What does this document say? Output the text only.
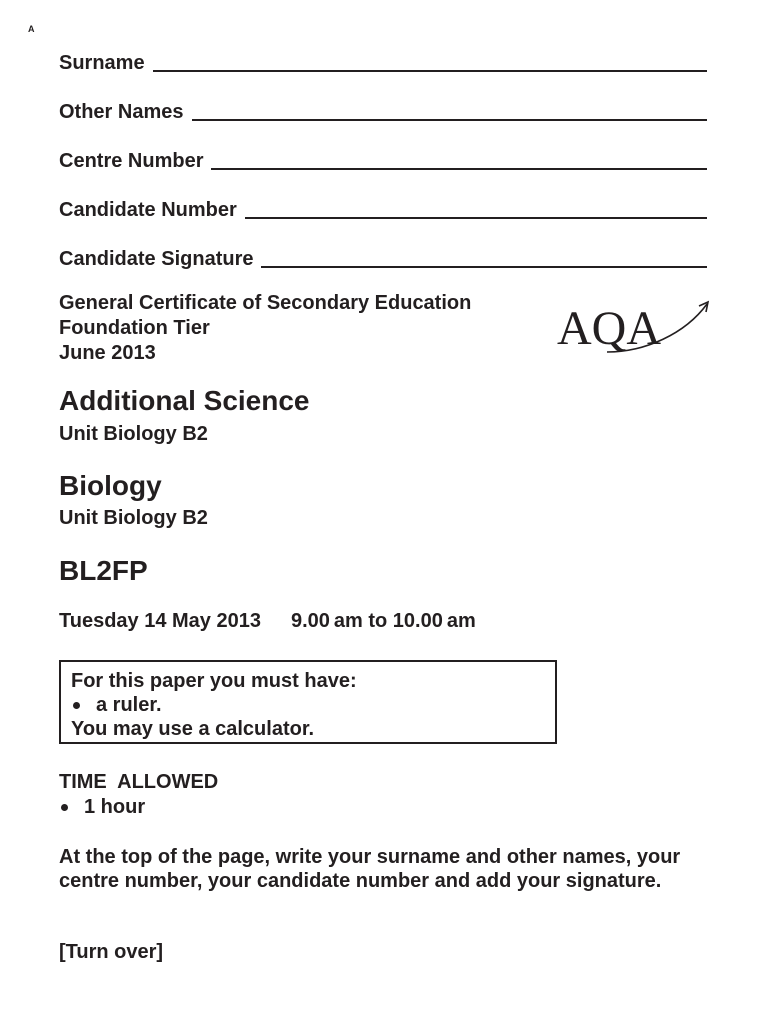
A
Surname
Other Names
Centre Number
Candidate Number
Candidate Signature
General Certificate of Secondary Education
Foundation Tier
June 2013	AQA
Additional Science
Unit Biology B2
Biology
Unit Biology B2
BL2FP
Tuesday 14 May 2013 9.00 am to 10.00 am
For this paper you must have:
a ruler.
You may use a calculator.
TIME  ALLOWED
1 hour
At the top of the page, write your surname and other names, your centre number, your candidate number and add your signature.
[Turn over]
